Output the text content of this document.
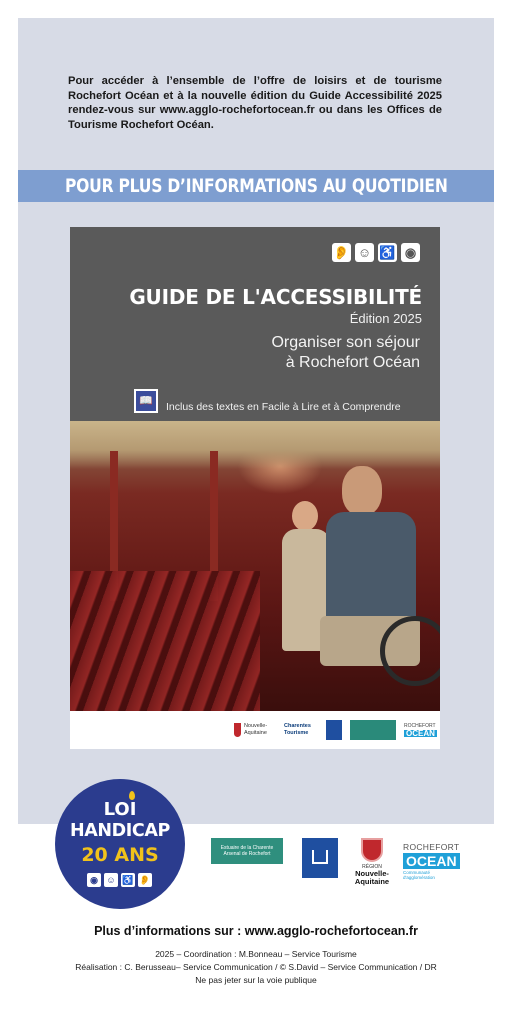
Pour accéder à l’ensemble de l’offre de loisirs et de tourisme Rochefort Océan et à la nouvelle édition du Guide Accessibilité 2025 rendez-vous sur www.agglo-rochefortocean.fr ou dans les Offices de Tourisme Rochefort Océan.

POUR PLUS D’INFORMATIONS AU QUOTIDIEN
👂 ☺ ♿ ◉
GUIDE DE L'ACCESSIBILITÉ
Édition 2025
Organiser son séjour
à Rochefort Océan
📖	Inclus des textes en Facile à Lire et à Comprendre
Nouvelle-Aquitaine
Charentes
Tourisme
ROCHEFORT
OCEAN
LOI
HANDICAP
20 ANS
◉ ☺ ♿ 👂
Estuaire de la Charente
Arsenal de Rochefort
RÉGION
Nouvelle-
Aquitaine
ROCHEFORT
OCEAN
Communauté d'agglomération
Plus d’informations sur : www.agglo-rochefortocean.fr
2025 – Coordination : M.Bonneau – Service Tourisme
Réalisation : C. Berusseau– Service Communication / © S.David – Service Communication / DR
Ne pas jeter sur la voie publique
